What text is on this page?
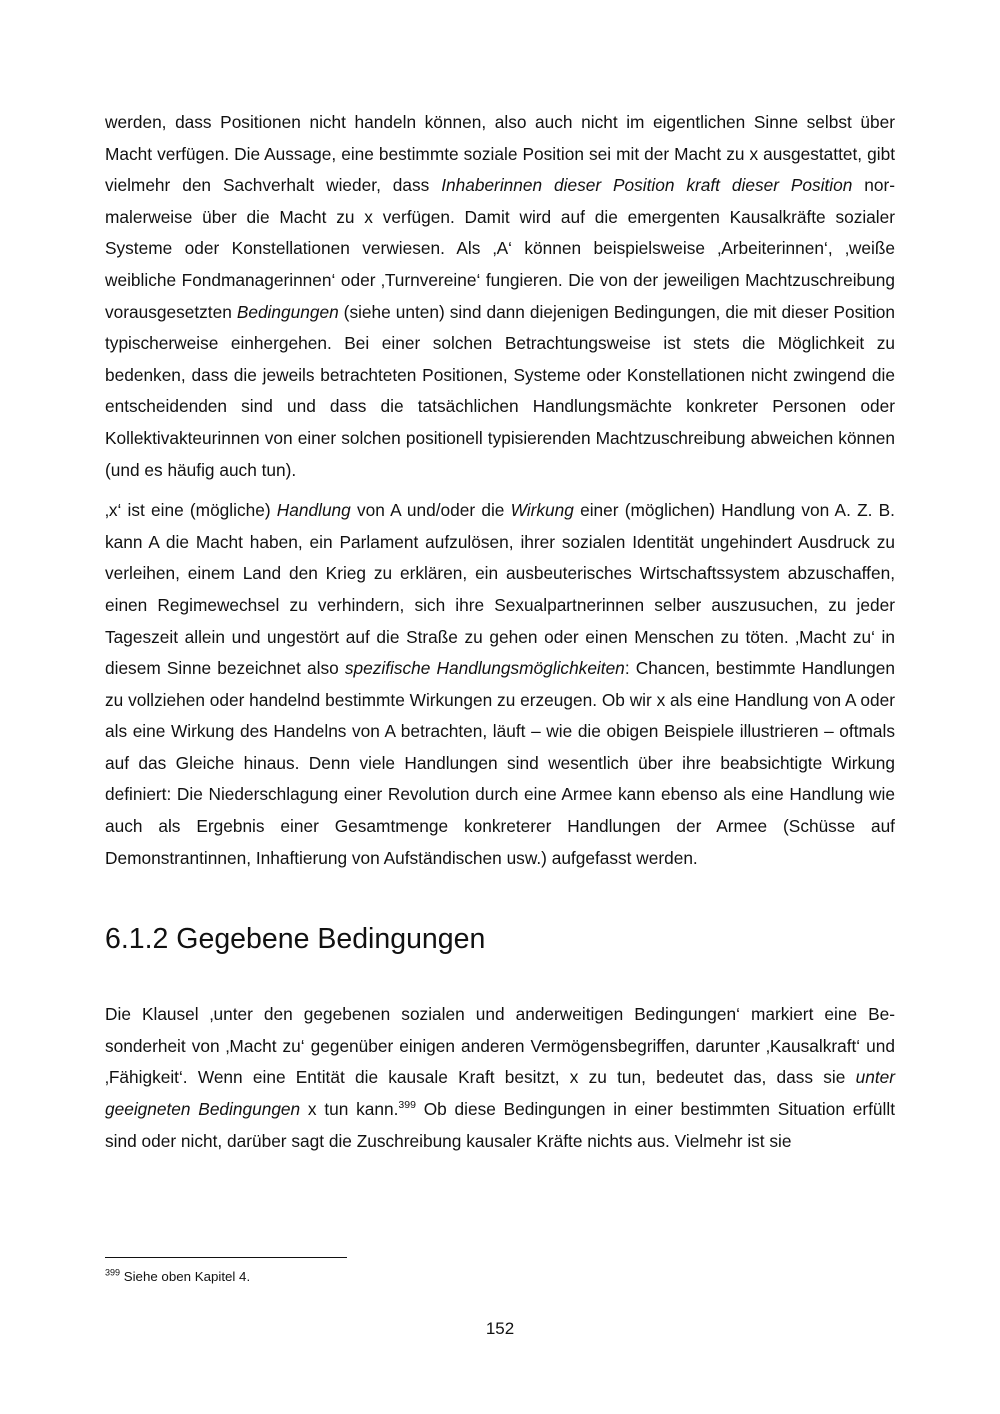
werden, dass Positionen nicht handeln können, also auch nicht im eigentlichen Sinne selbst über Macht verfügen. Die Aussage, eine bestimmte soziale Position sei mit der Macht zu x ausgestattet, gibt vielmehr den Sachverhalt wieder, dass Inhaberinnen dieser Position kraft dieser Position normalerweise über die Macht zu x verfügen. Damit wird auf die emergenten Kausalkräfte sozialer Systeme oder Konstellationen verwiesen. Als ‚A‘ können beispielsweise ‚Arbeiterinnen‘, ‚weiße weibliche Fondmanagerinnen‘ oder ‚Turnvereine‘ fungieren. Die von der jeweiligen Machtzuschreibung vorausgesetzten Bedingungen (siehe unten) sind dann diejenigen Bedingungen, die mit dieser Position typischerweise einhergehen. Bei einer solchen Betrachtungsweise ist stets die Möglichkeit zu bedenken, dass die jeweils betrachteten Positionen, Systeme oder Konstellationen nicht zwingend die entscheidenden sind und dass die tatsächlichen Handlungsmächte konkreter Personen oder Kollektivakteurinnen von einer solchen positionell typisierenden Machtzuschreibung abweichen können (und es häufig auch tun).

‚x‘ ist eine (mögliche) Handlung von A und/oder die Wirkung einer (möglichen) Handlung von A. Z. B. kann A die Macht haben, ein Parlament aufzulösen, ihrer sozialen Identität ungehindert Ausdruck zu verleihen, einem Land den Krieg zu erklären, ein ausbeuterisches Wirtschaftssystem abzuschaffen, einen Regimewechsel zu verhindern, sich ihre Sexualpartnerinnen selber auszusuchen, zu jeder Tageszeit allein und ungestört auf die Straße zu gehen oder einen Menschen zu töten. ‚Macht zu‘ in diesem Sinne bezeichnet also spezifische Handlungsmöglichkeiten: Chancen, bestimmte Handlungen zu vollziehen oder handelnd bestimmte Wirkungen zu erzeugen. Ob wir x als eine Handlung von A oder als eine Wirkung des Handelns von A betrachten, läuft – wie die obigen Beispiele illustrieren – oftmals auf das Gleiche hinaus. Denn viele Handlungen sind wesentlich über ihre beabsichtigte Wirkung definiert: Die Niederschlagung einer Revolution durch eine Armee kann ebenso als eine Handlung wie auch als Ergebnis einer Gesamtmenge konkreterer Handlungen der Armee (Schüsse auf Demonstrantinnen, Inhaftierung von Aufständischen usw.) aufgefasst werden.

6.1.2 Gegebene Bedingungen

Die Klausel ‚unter den gegebenen sozialen und anderweitigen Bedingungen‘ markiert eine Besonderheit von ‚Macht zu‘ gegenüber einigen anderen Vermögensbegriffen, darunter ‚Kausalkraft‘ und ‚Fähigkeit‘. Wenn eine Entität die kausale Kraft besitzt, x zu tun, bedeutet das, dass sie unter geeigneten Bedingungen x tun kann.$^{399}$ Ob diese Bedingungen in einer bestimmten Situation erfüllt sind oder nicht, darüber sagt die Zuschreibung kausaler Kräfte nichts aus. Vielmehr ist sie

$^{399}$ Siehe oben Kapitel 4.
152
